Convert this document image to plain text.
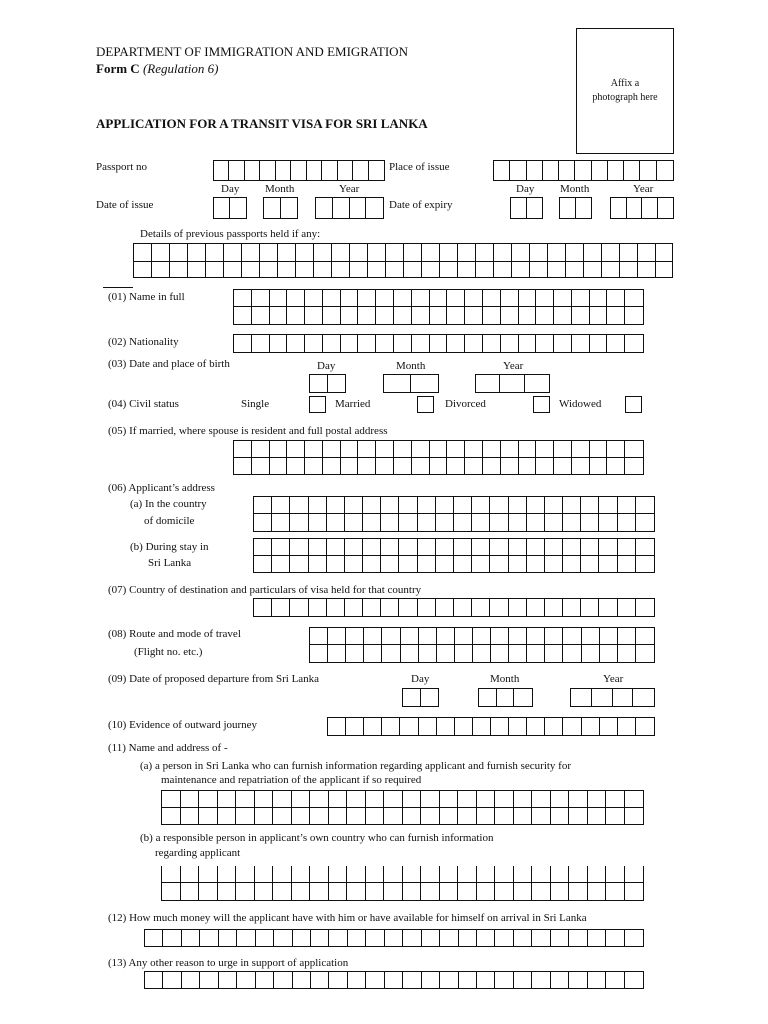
DEPARTMENT OF IMMIGRATION AND EMIGRATION
Form C (Regulation 6)
APPLICATION FOR A TRANSIT VISA FOR SRI LANKA
Affix a
photograph here
Passport no	Place of issue
Day Month	Year	Day Month	Year
Date of issue	Date of expiry
Details of previous passports held if any:
(01) Name in full
(02) Nationality
(03) Date and place of birth	Day	Month	Year
(04) Civil status	Single	Married	Divorced	Widowed
(05) If married, where spouse is resident and full postal address
(06) Applicant’s address
(a) In the country
of domicile
(b) During stay in
Sri Lanka
(07) Country of destination and particulars of visa held for that country
(08) Route and mode of travel
(Flight no. etc.)
(09) Date of proposed departure from Sri Lanka	Day	Month	Year
(10) Evidence of outward journey
(11) Name and address of -
(a) a person in Sri Lanka who can furnish information regarding applicant and furnish security for
maintenance and repatriation of the applicant if so required
(b) a responsible person in applicant’s own country who can furnish information
regarding applicant
(12) How much money will the applicant have with him or have available for himself on arrival in Sri Lanka
(13) Any other reason to urge in support of application
